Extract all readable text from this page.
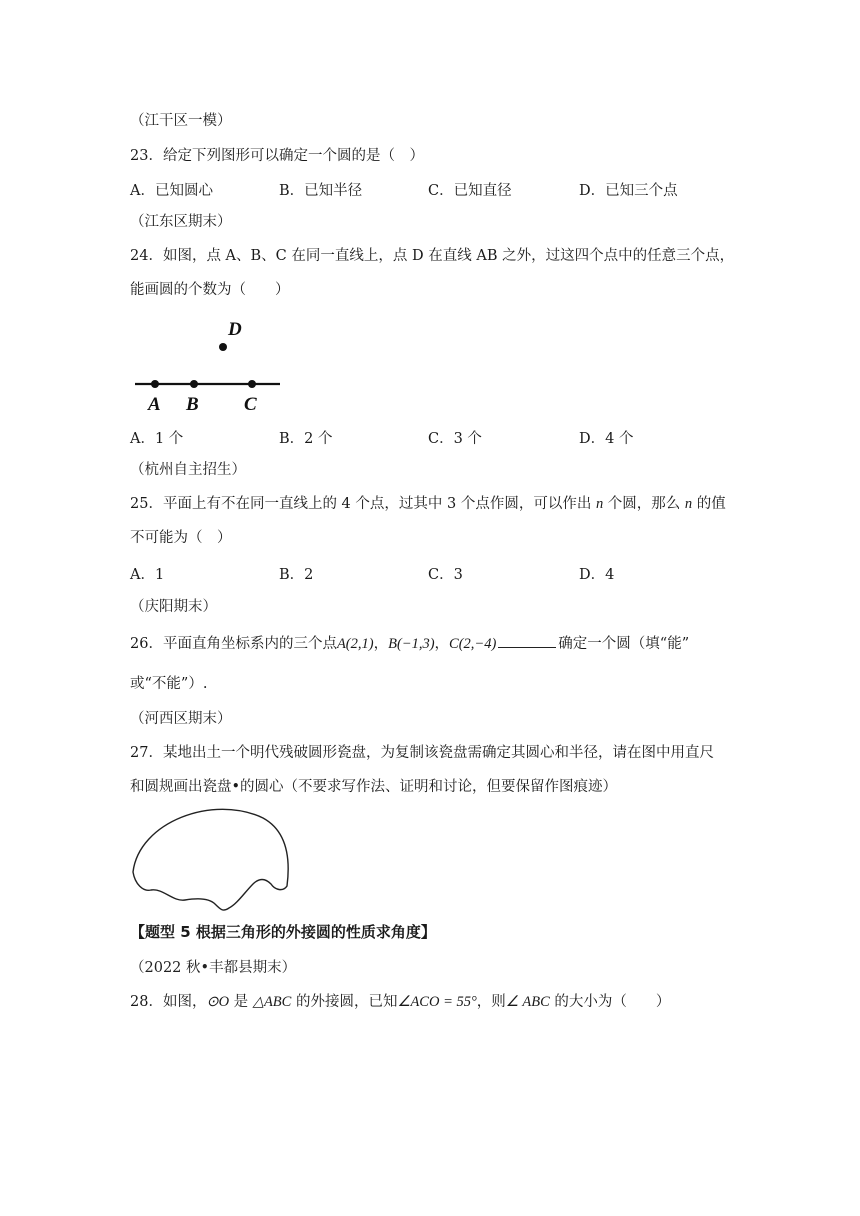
（江干区一模）
23．给定下列图形可以确定一个圆的是（　）
A．已知圆心	B．已知半径	C．已知直径	D．已知三个点
（江东区期末）
24．如图，点 A、B、C 在同一直线上，点 D 在直线 AB 之外，过这四个点中的任意三个点，
能画圆的个数为（　　）
A B C
D
A．1 个	B．2 个	C．3 个	D．4 个
（杭州自主招生）
25．平面上有不在同一直线上的 4 个点，过其中 3 个点作圆，可以作出 n 个圆，那么 n 的值
不可能为（　）
A．1	B．2	C．3	D．4
（庆阳期末）
26．平面直角坐标系内的三个点A(2,1)，B(−1,3)，C(2,−4)	确定一个圆（填“能”
或“不能”）.
（河西区期末）
27．某地出土一个明代残破圆形瓷盘，为复制该瓷盘需确定其圆心和半径，请在图中用直尺
和圆规画出瓷盘•的圆心（不要求写作法、证明和讨论，但要保留作图痕迹）
【题型 5 根据三角形的外接圆的性质求角度】
（2022 秋•丰都县期末）
28．如图，⊙O 是 △ABC 的外接圆，已知∠ACO = 55°，则∠ ABC 的大小为（　　）
